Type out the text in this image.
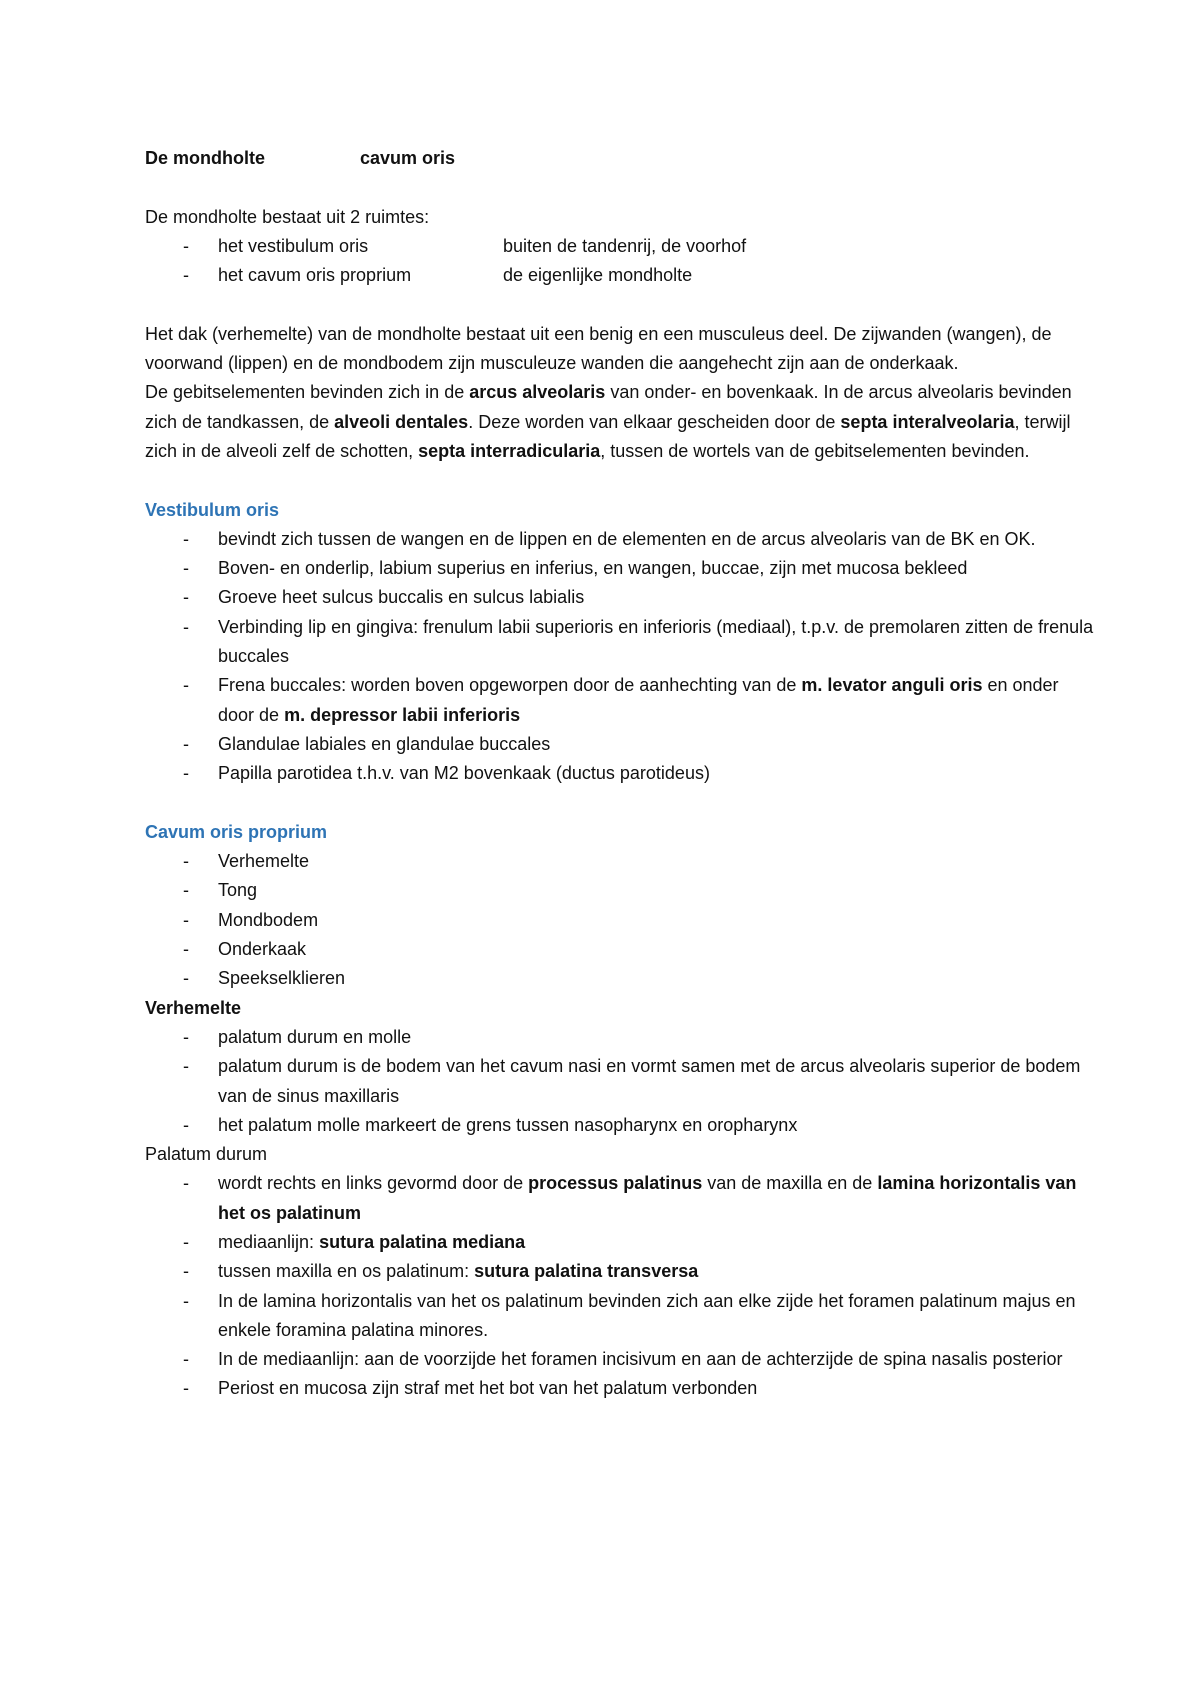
De mondholte	cavum oris
De mondholte bestaat uit 2 ruimtes:
-	het vestibulum oris	buiten de tandenrij, de voorhof
-	het cavum oris proprium	de eigenlijke mondholte
Het dak (verhemelte) van de mondholte bestaat uit een benig en een musculeus deel. De zijwanden (wangen), de voorwand (lippen) en de mondbodem zijn musculeuze wanden die aangehecht zijn aan de onderkaak.
De gebitselementen bevinden zich in de arcus alveolaris van onder- en bovenkaak. In de arcus alveolaris bevinden zich de tandkassen, de alveoli dentales. Deze worden van elkaar gescheiden door de septa interalveolaria, terwijl zich in de alveoli zelf de schotten, septa interradicularia, tussen de wortels van de gebitselementen bevinden.
Vestibulum oris
-	bevindt zich tussen de wangen en de lippen en de elementen en de arcus alveolaris van de BK en OK.
-	Boven- en onderlip, labium superius en inferius, en wangen, buccae, zijn met mucosa bekleed
-	Groeve heet sulcus buccalis en sulcus labialis
-	Verbinding lip en gingiva: frenulum labii superioris en inferioris (mediaal), t.p.v. de premolaren zitten de frenula buccales
-	Frena buccales: worden boven opgeworpen door de aanhechting van de m. levator anguli oris en onder door de m. depressor labii inferioris
-	Glandulae labiales en glandulae buccales
-	Papilla parotidea t.h.v. van M2 bovenkaak (ductus parotideus)
Cavum oris proprium
-	Verhemelte
-	Tong
-	Mondbodem
-	Onderkaak
-	Speekselklieren
Verhemelte
-	palatum durum en molle
-	palatum durum is de bodem van het cavum nasi en vormt samen met de arcus alveolaris superior de bodem van de sinus maxillaris
-	het palatum molle markeert de grens tussen nasopharynx en oropharynx
Palatum durum
-	wordt rechts en links gevormd door de processus palatinus van de maxilla en de lamina horizontalis van het os palatinum
-	mediaanlijn: sutura palatina mediana
-	tussen maxilla en os palatinum: sutura palatina transversa
-	In de lamina horizontalis van het os palatinum bevinden zich aan elke zijde het foramen palatinum majus en enkele foramina palatina minores.
-	In de mediaanlijn: aan de voorzijde het foramen incisivum en aan de achterzijde de spina nasalis posterior
-	Periost en mucosa zijn straf met het bot van het palatum verbonden
